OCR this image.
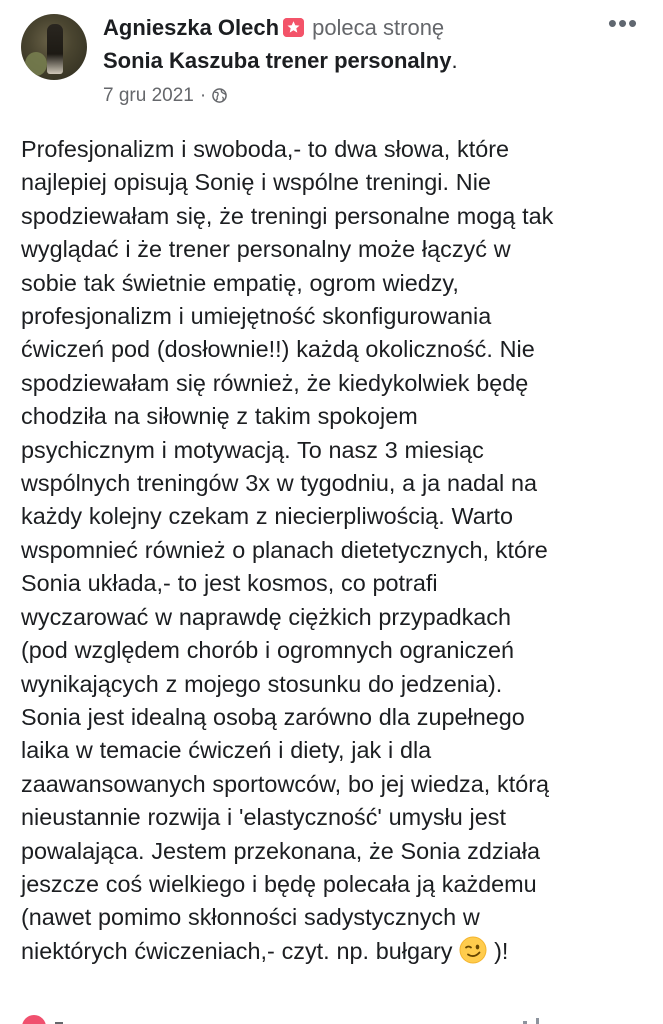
Agnieszka Olech poleca stronę
Sonia Kaszuba trener personalny.
7 gru 2021 ·
•••
Profesjonalizm i swoboda,- to dwa słowa, które
najlepiej opisują Sonię i wspólne treningi. Nie
spodziewałam się, że treningi personalne mogą tak
wyglądać i że trener personalny może łączyć w
sobie tak świetnie empatię, ogrom wiedzy,
profesjonalizm i umiejętność skonfigurowania
ćwiczeń pod (dosłownie!!) każdą okoliczność. Nie
spodziewałam się również, że kiedykolwiek będę
chodziła na siłownię z takim spokojem
psychicznym i motywacją. To nasz 3 miesiąc
wspólnych treningów 3x w tygodniu, a ja nadal na
każdy kolejny czekam z niecierpliwością. Warto
wspomnieć również o planach dietetycznych, które
Sonia układa,- to jest kosmos, co potrafi
wyczarować w naprawdę ciężkich przypadkach
(pod względem chorób i ogromnych ograniczeń
wynikających z mojego stosunku do jedzenia).
Sonia jest idealną osobą zarówno dla zupełnego
laika w temacie ćwiczeń i diety, jak i dla
zaawansowanych sportowców, bo jej wiedza, którą
nieustannie rozwija i 'elastyczność' umysłu jest
powalająca. Jestem przekonana, że Sonia zdziała
jeszcze coś wielkiego i będę polecała ją każdemu
(nawet pomimo skłonności sadystycznych w
niektórych ćwiczeniach,- czyt. np. bułgary  )!
